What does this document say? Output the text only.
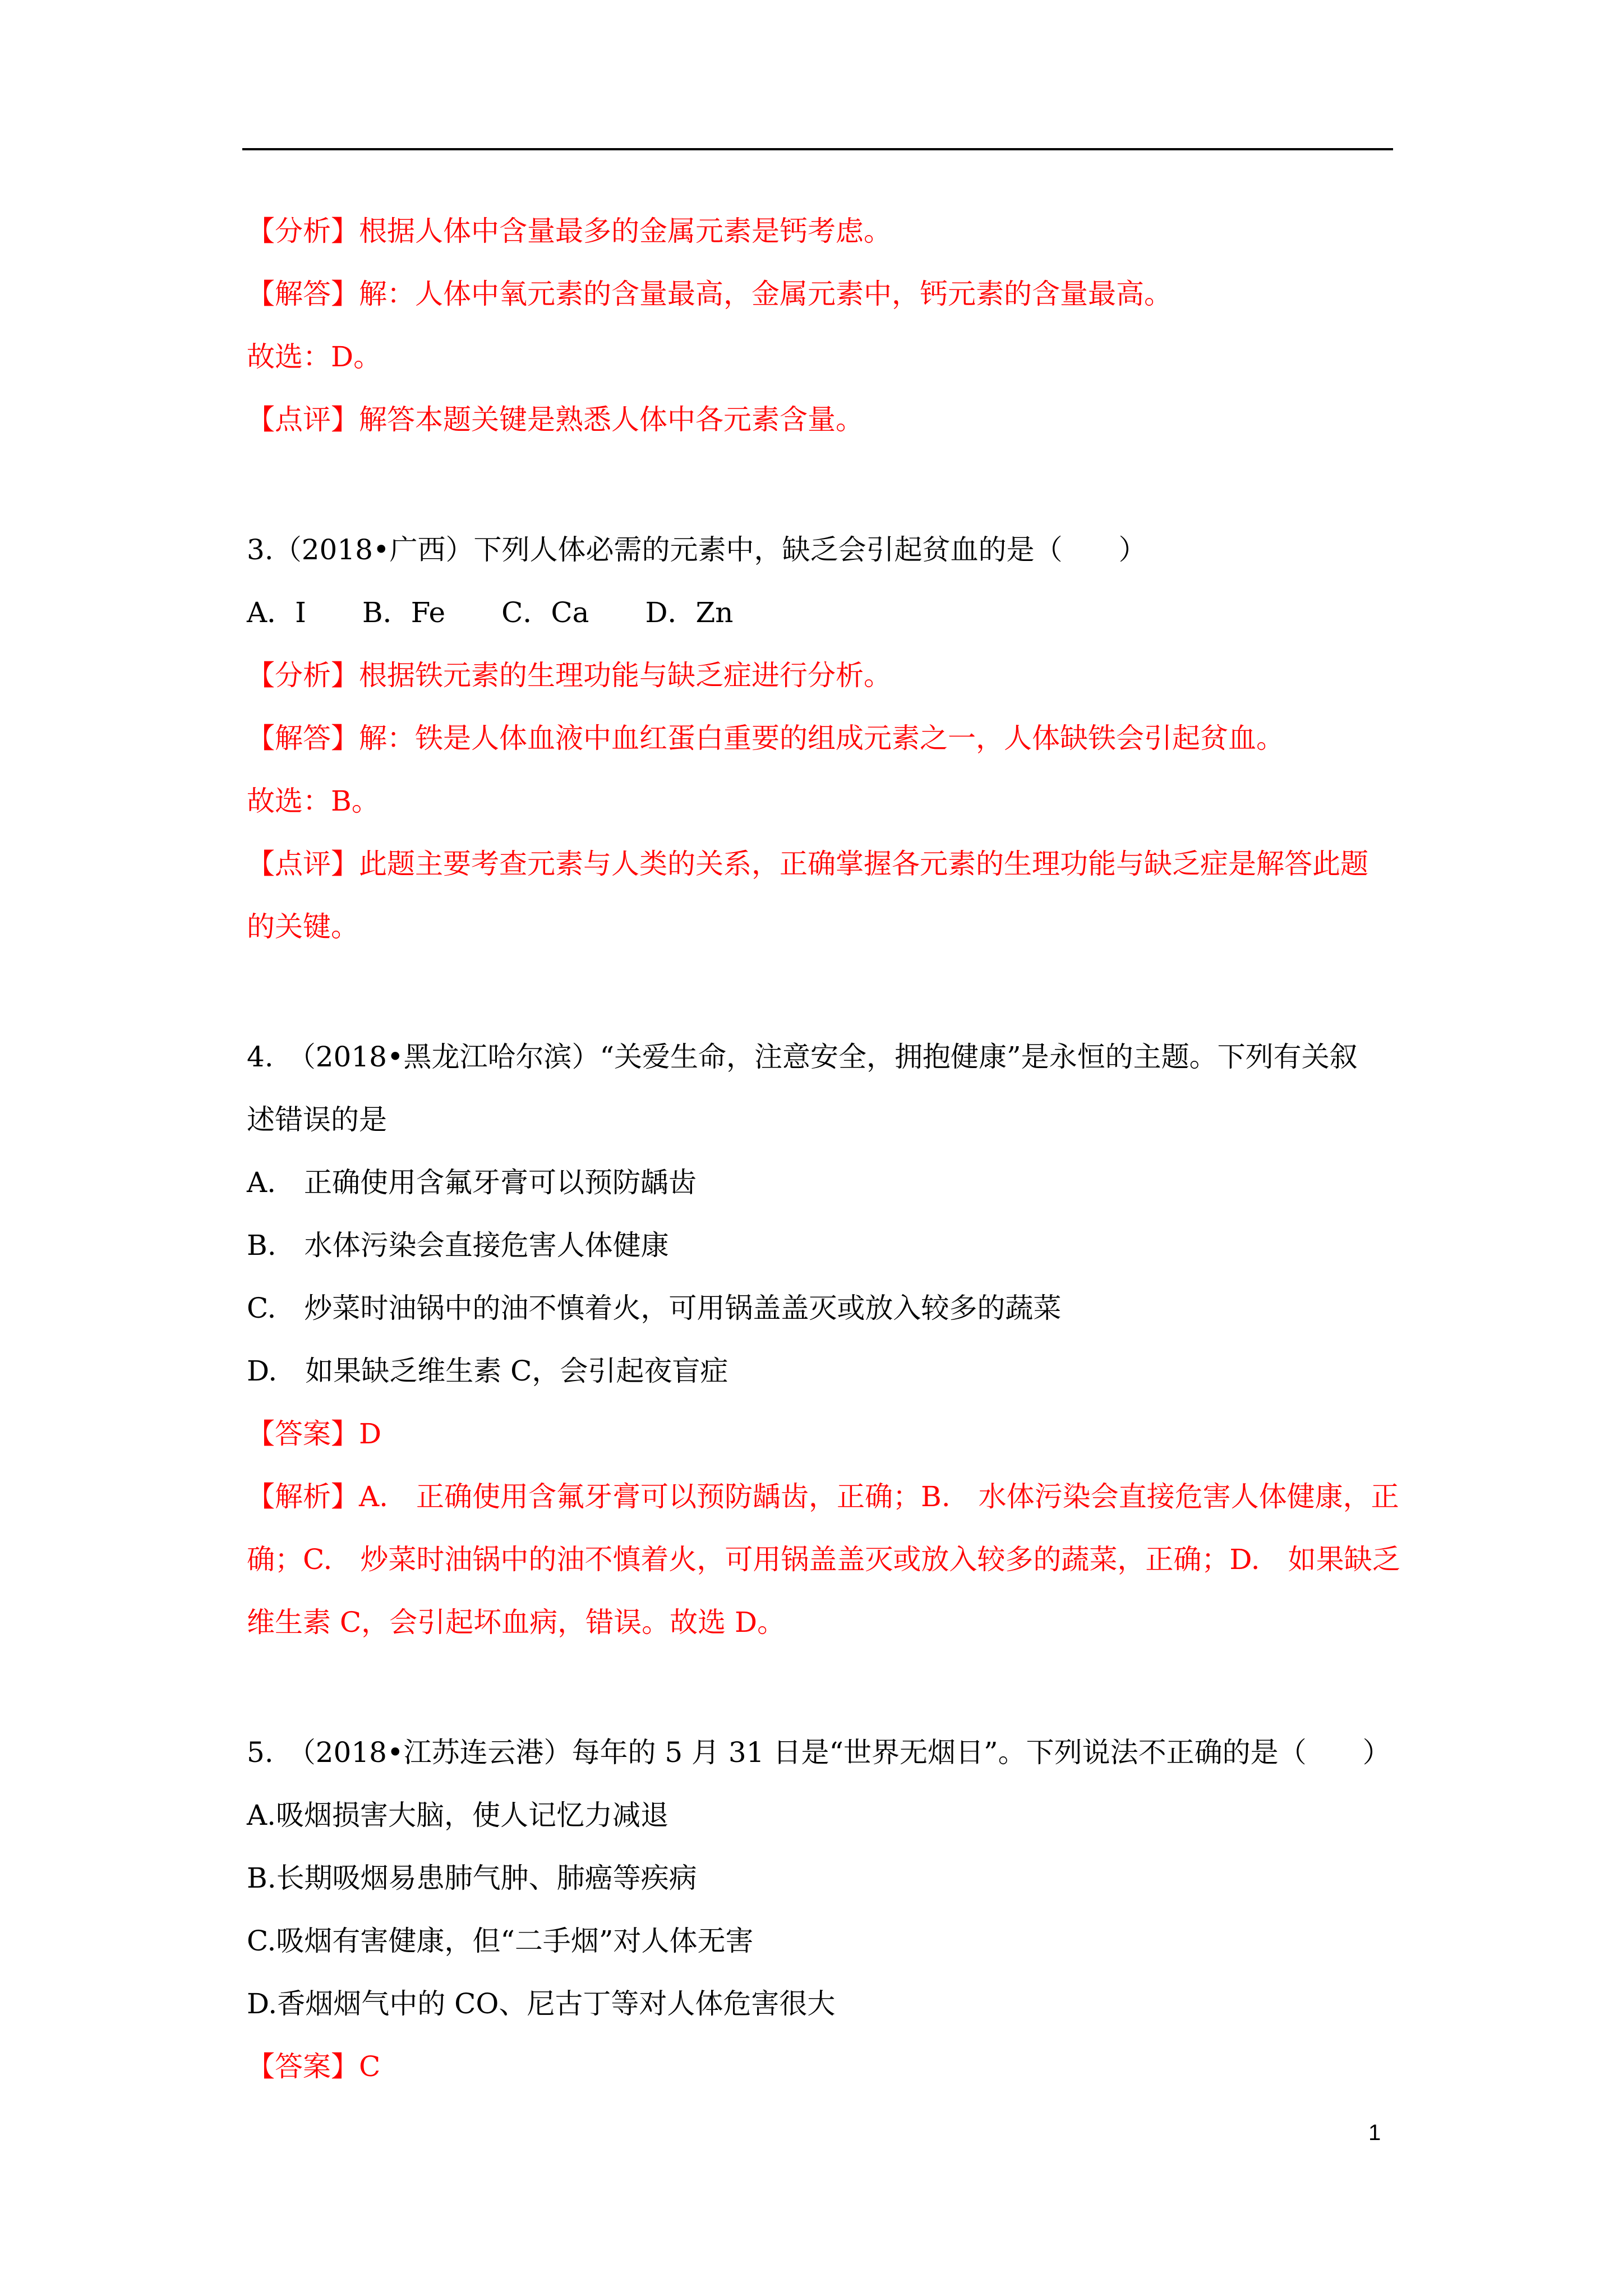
【分析】根据人体中含量最多的金属元素是钙考虑。
【解答】解：人体中氧元素的含量最高，金属元素中，钙元素的含量最高。
故选：D。
【点评】解答本题关键是熟悉人体中各元素含量。
3.（2018•广西）下列人体必需的元素中，缺乏会引起贫血的是（　　）
A．I　　B．Fe　　C．Ca　　D．Zn
【分析】根据铁元素的生理功能与缺乏症进行分析。
【解答】解：铁是人体血液中血红蛋白重要的组成元素之一，人体缺铁会引起贫血。
故选：B。
【点评】此题主要考查元素与人类的关系，正确掌握各元素的生理功能与缺乏症是解答此题
的关键。
4.　（2018•黑龙江哈尔滨）“关爱生命，注意安全，拥抱健康”是永恒的主题。下列有关叙
述错误的是
A.　正确使用含氟牙膏可以预防龋齿
B.　水体污染会直接危害人体健康
C.　炒菜时油锅中的油不慎着火，可用锅盖盖灭或放入较多的蔬菜
D.　如果缺乏维生素 C，会引起夜盲症
【答案】D
【解析】A.　正确使用含氟牙膏可以预防龋齿，正确；B.　水体污染会直接危害人体健康，正
确；C.　炒菜时油锅中的油不慎着火，可用锅盖盖灭或放入较多的蔬菜，正确；D.　如果缺乏
维生素 C，会引起坏血病，错误。故选 D。
5.　（2018•江苏连云港）每年的 5 月 31 日是“世界无烟日”。下列说法不正确的是（　　）
A.吸烟损害大脑，使人记忆力减退
B.长期吸烟易患肺气肿、肺癌等疾病
C.吸烟有害健康，但“二手烟”对人体无害
D.香烟烟气中的 CO、尼古丁等对人体危害很大
【答案】C
1
